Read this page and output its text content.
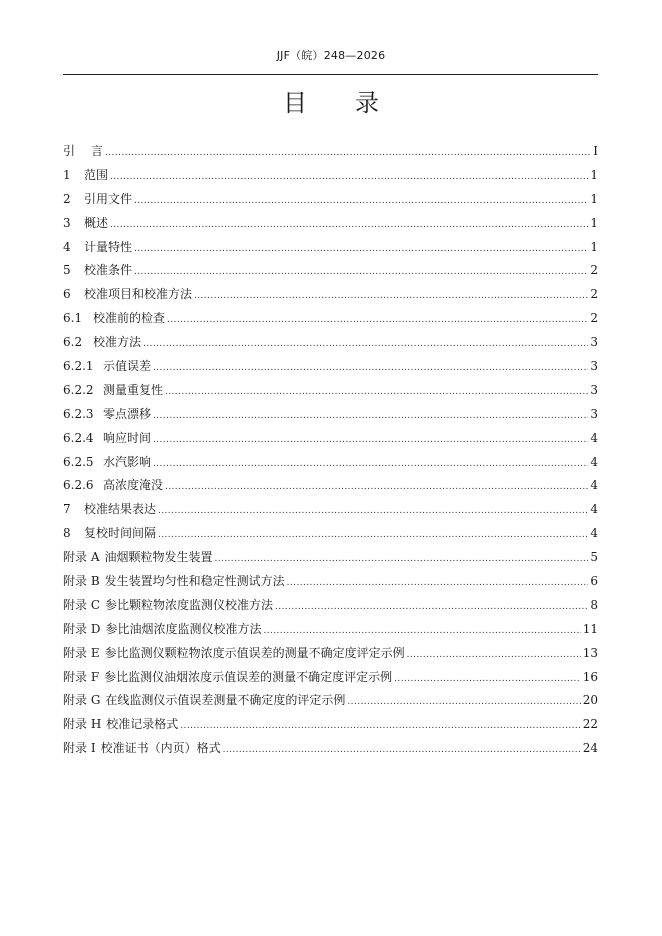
JJF（皖）248—2026
目 录
引	言 .....	I
1	范围 .....	1
2	引用文件 .....	1
3	概述 .....	1
4	计量特性 .....	1
5	校准条件 .....	2
6	校准项目和校准方法 .....	2
6.1 校准前的检查 .....	2
6.2 校准方法 .....	3
6.2.1 示值误差 .....	3
6.2.2 测量重复性 .....	3
6.2.3 零点漂移 .....	3
6.2.4 响应时间 .....	4
6.2.5 水汽影响 .....	4
6.2.6 高浓度淹没 .....	4
7	校准结果表达 .....	4
8	复校时间间隔 .....	4
附录 A 油烟颗粒物发生装置 .....	5
附录 B 发生装置均匀性和稳定性测试方法 .....	6
附录 C 参比颗粒物浓度监测仪校准方法 .....	8
附录 D 参比油烟浓度监测仪校准方法 .....	11
附录 E 参比监测仪颗粒物浓度示值误差的测量不确定度评定示例 .....	13
附录 F 参比监测仪油烟浓度示值误差的测量不确定度评定示例 .....	16
附录 G 在线监测仪示值误差测量不确定度的评定示例 .....	20
附录 H 校准记录格式 .....	22
附录 I 校准证书（内页）格式 .....	24
